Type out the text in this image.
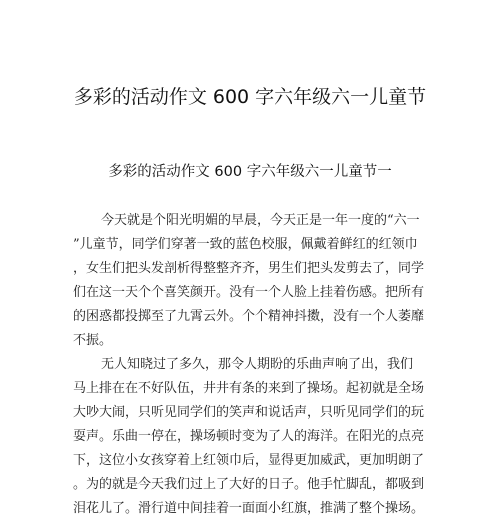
多彩的活动作文 600 字六年级六一儿童节
多彩的活动作文 600 字六年级六一儿童节一
今天就是个阳光明媚的早晨，今天正是一年一度的“六一
”儿童节，同学们穿著一致的蓝色校服，佩戴着鲜红的红领巾
，女生们把头发剖析得整整齐齐，男生们把头发剪去了，同学
们在这一天个个喜笑颜开。没有一个人脸上挂着伤感。把所有
的困惑都投掷至了九霄云外。个个精神抖擞，没有一个人萎靡
不振。
无人知晓过了多久，那令人期盼的乐曲声响了出，我们
马上排在在不好队伍，井井有条的来到了操场。起初就是全场
大吵大闹，只听见同学们的笑声和说话声，只听见同学们的玩
耍声。乐曲一停在，操场顿时变为了人的海洋。在阳光的点亮
下，这位小女孩穿着上红领巾后，显得更加威武，更加明朗了
。为的就是今天我们过上了大好的日子。他手忙脚乱，都吸到
泪花儿了。滑行道中间挂着一面面小红旗，推满了整个操场。
